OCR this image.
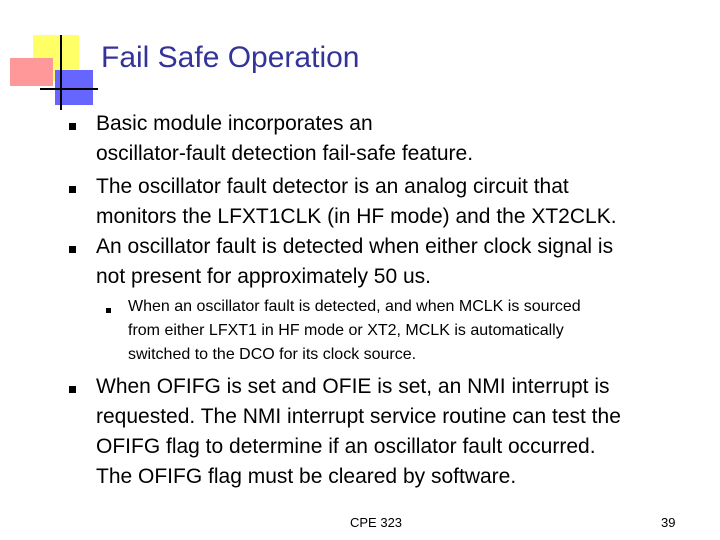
Fail Safe Operation
Basic module incorporates an
oscillator-fault detection fail-safe feature.
The oscillator fault detector is an analog circuit that
monitors the LFXT1CLK (in HF mode) and the XT2CLK.
An oscillator fault is detected when either clock signal is
not present for approximately 50 us.
When an oscillator fault is detected, and when MCLK is sourced
from either LFXT1 in HF mode or XT2, MCLK is automatically
switched to the DCO for its clock source.
When OFIFG is set and OFIE is set, an NMI interrupt is
requested. The NMI interrupt service routine can test the
OFIFG flag to determine if an oscillator fault occurred.
The OFIFG flag must be cleared by software.
CPE 323	39
